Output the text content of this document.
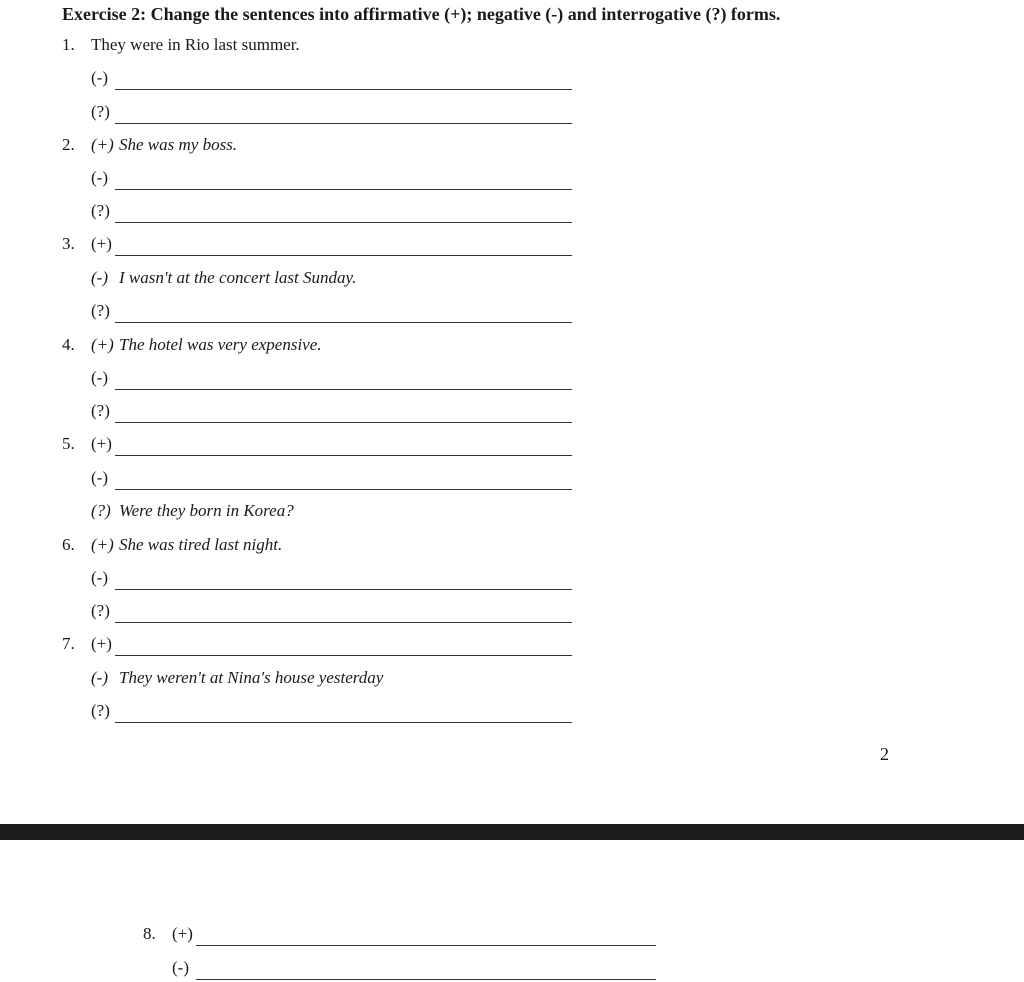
Exercise 2: Change the sentences into affirmative (+); negative (-) and interrogative (?) forms.
1. They were in Rio last summer.
(-)
(?)
2. (+) She was my boss.
(-)
(?)
3. (+)
(-) I wasn't at the concert last Sunday.
(?)
4. (+) The hotel was very expensive.
(-)
(?)
5. (+)
(-)
(?) Were they born in Korea?
6. (+) She was tired last night.
(-)
(?)
7. (+)
(-) They weren't at Nina's house yesterday
(?)
8. (+)
(-)
2
